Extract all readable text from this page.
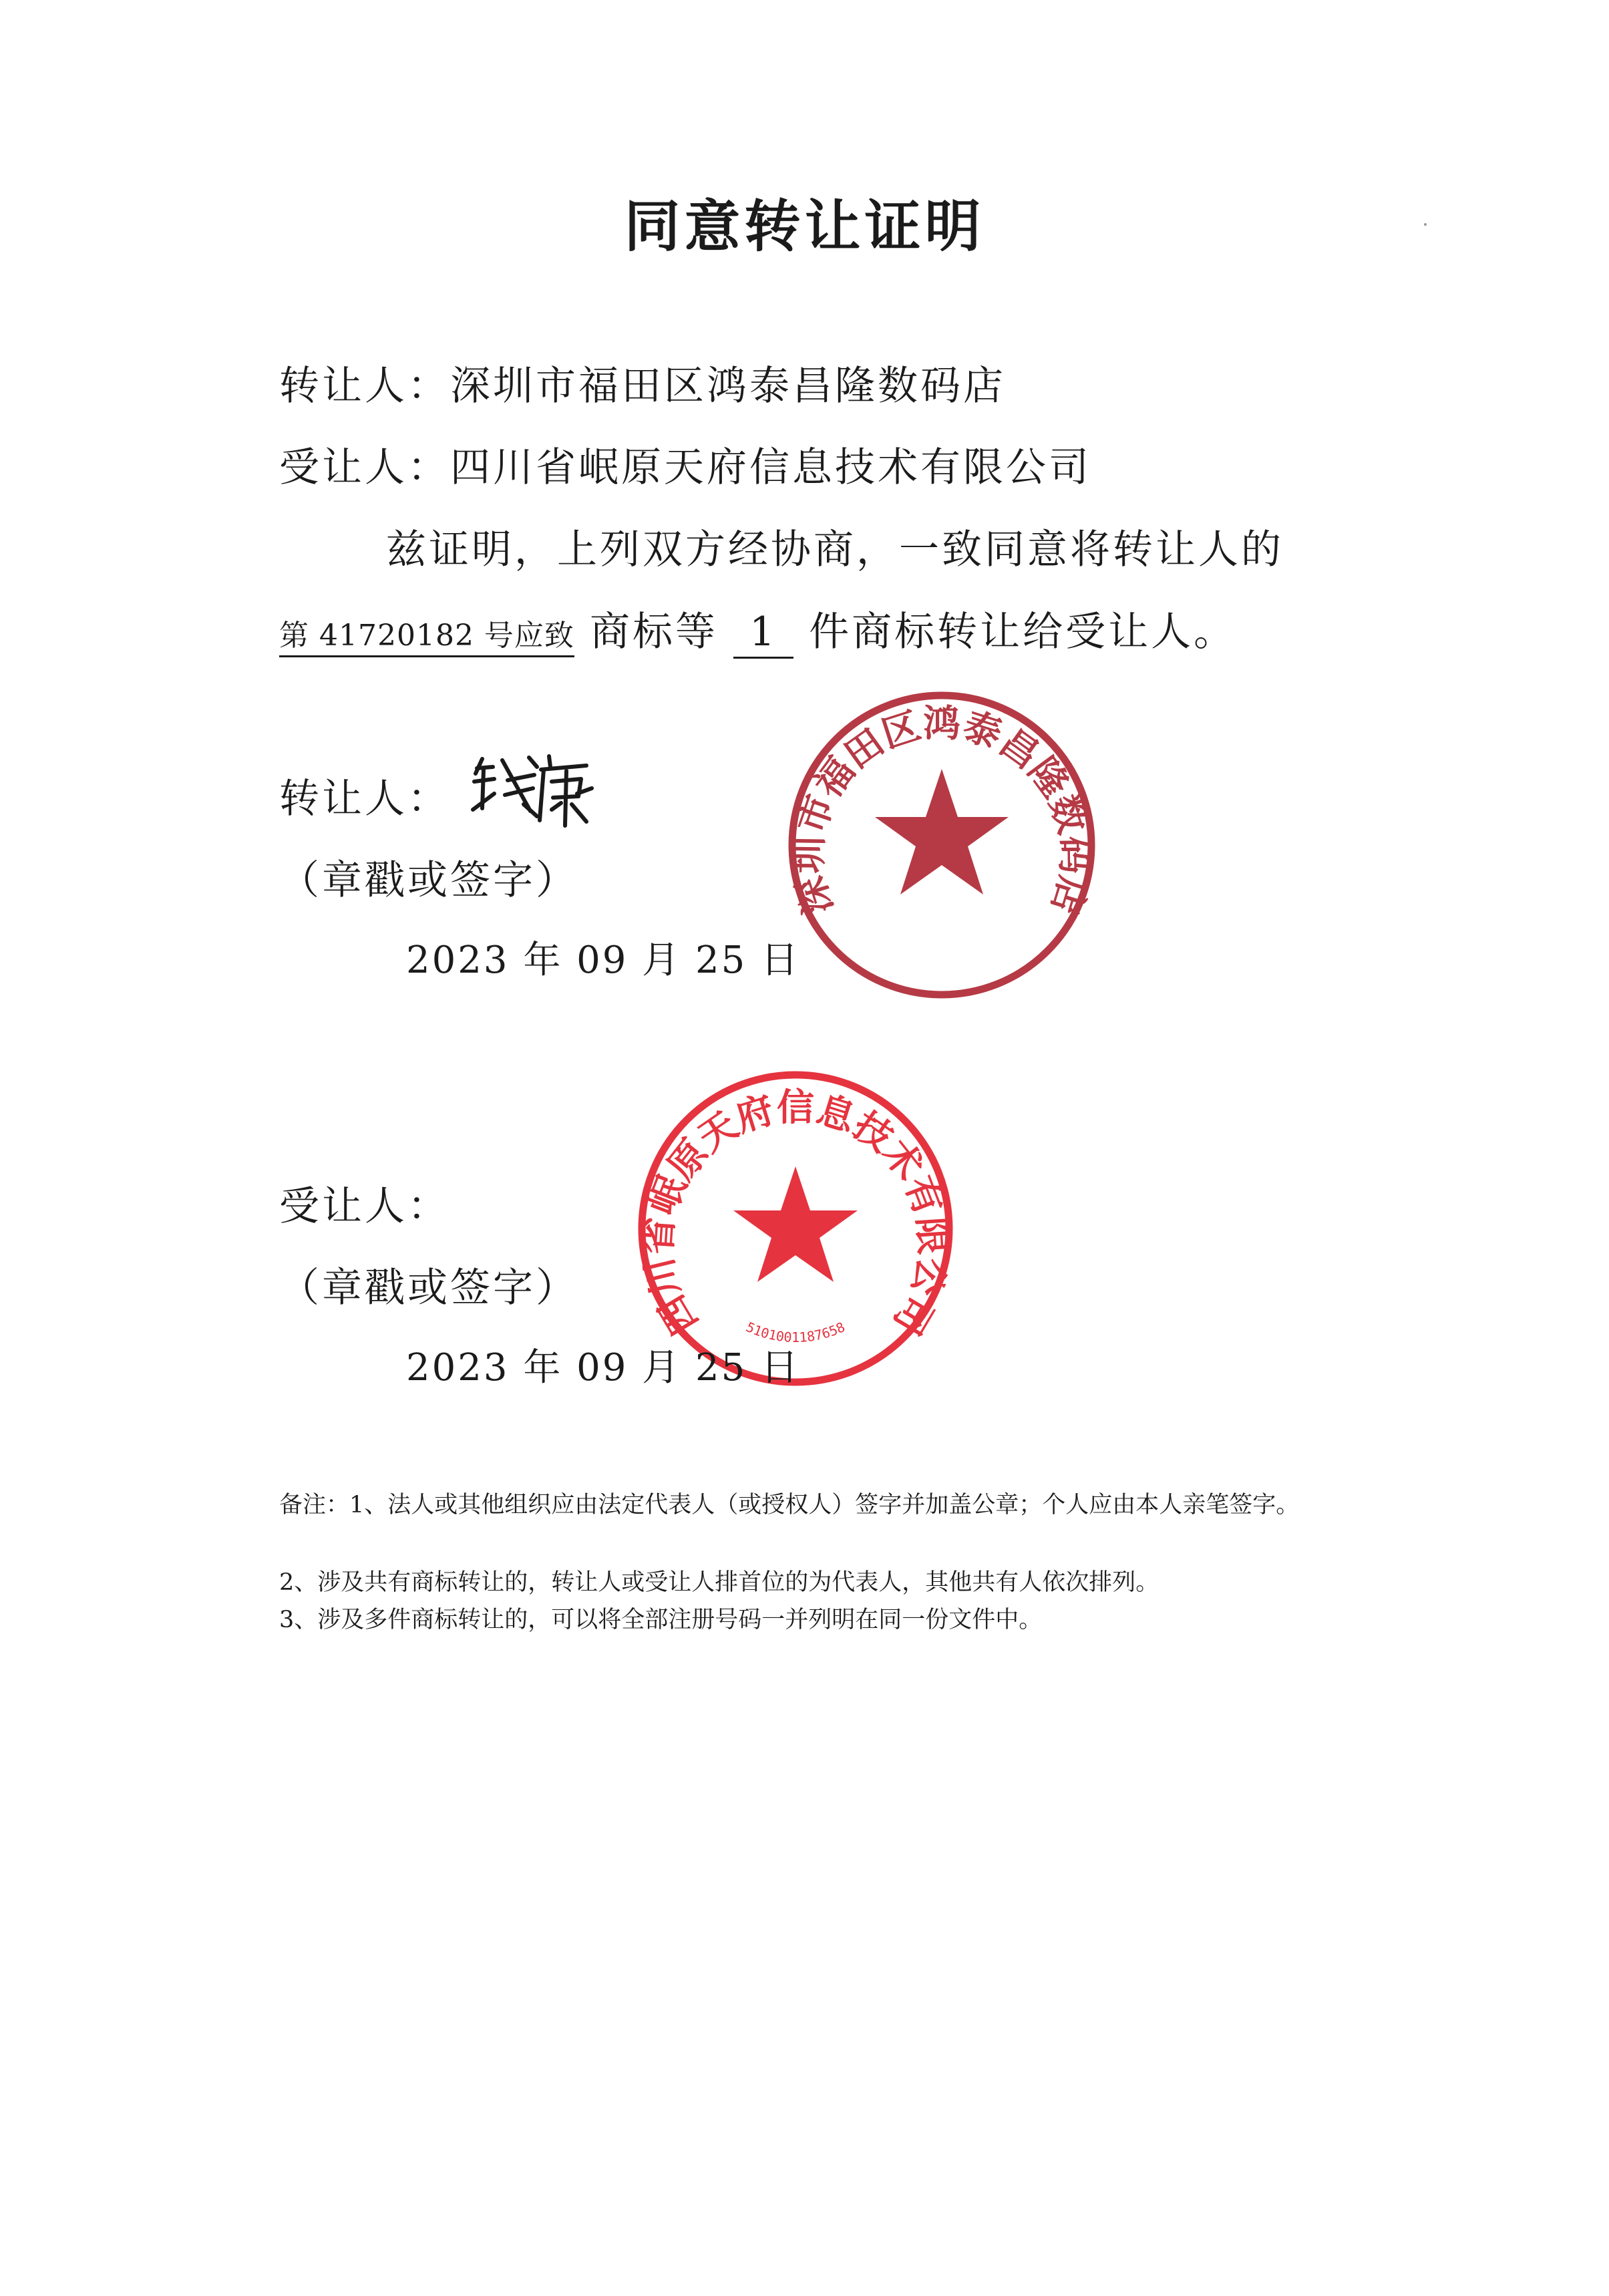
同意转让证明
转让人：深圳市福田区鸿泰昌隆数码店
受让人：四川省岷原天府信息技术有限公司
兹证明，上列双方经协商，一致同意将转让人的
第 41720182 号应致 商标等 1 件商标转让给受让人。
转让人：
深圳市福田区鸿泰昌隆数码店
（章戳或签字）
2023 年 09 月 25 日
受让人：
四川省岷原天府信息技术有限公司
5101001187658
（章戳或签字）
2023 年 09 月 25 日
备注：1、法人或其他组织应由法定代表人（或授权人）签字并加盖公章；个人应由本人亲笔签字。
2、涉及共有商标转让的，转让人或受让人排首位的为代表人，其他共有人依次排列。
3、涉及多件商标转让的，可以将全部注册号码一并列明在同一份文件中。
